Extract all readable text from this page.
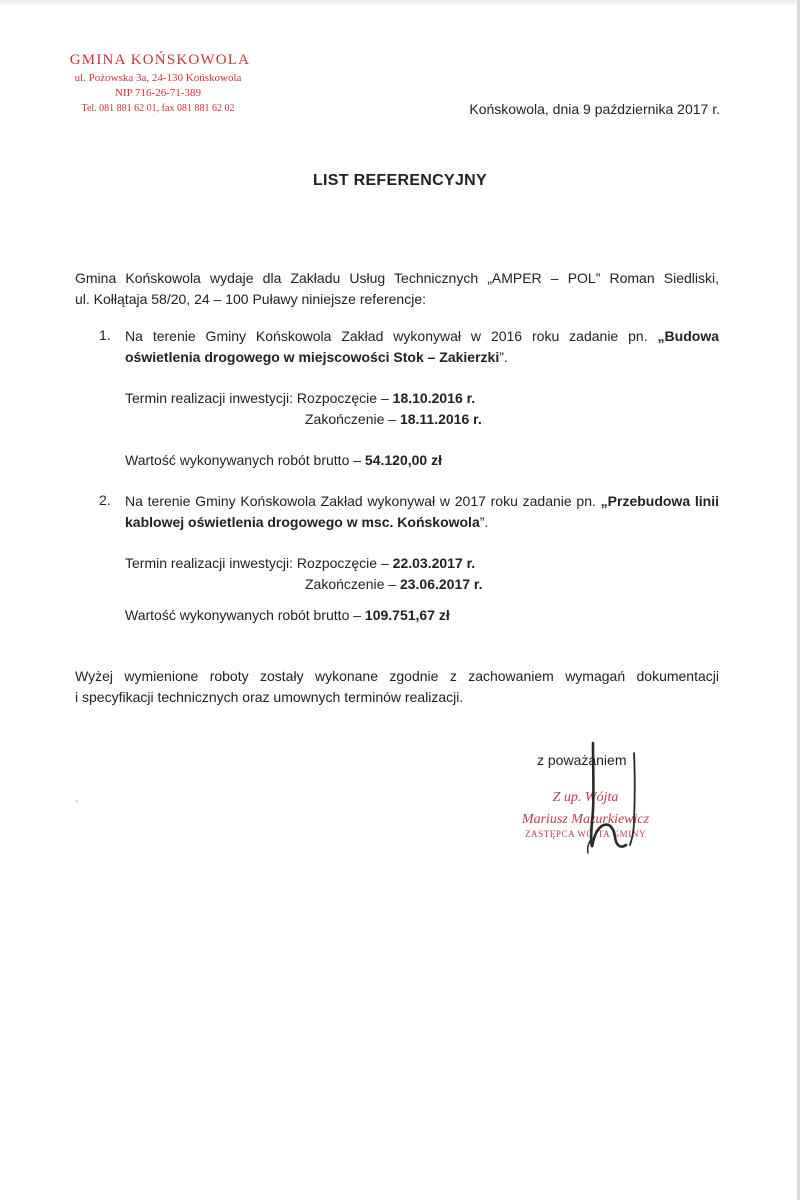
GMINA KOŃSKOWOLA
ul. Pożowska 3a, 24-130 Końskowola
NIP 716-26-71-389
Tel. 081 881 62 01, fax 081 881 62 02	Końskowola, dnia 9 października 2017 r.
LIST REFERENCYJNY
Gmina Końskowola wydaje dla Zakładu Usług Technicznych „AMPER – POL” Roman Siedliski,
ul. Kołłątaja 58/20, 24 – 100 Puławy niniejsze referencje:
1. Na terenie Gminy Końskowola Zakład wykonywał w 2016 roku zadanie pn. „Budowa
oświetlenia drogowego w miejscowości Stok – Zakierzki”.
Termin realizacji inwestycji: Rozpoczęcie – 18.10.2016 r.
Zakończenie – 18.11.2016 r.
Wartość wykonywanych robót brutto – 54.120,00 zł
2. Na terenie Gminy Końskowola Zakład wykonywał w 2017 roku zadanie pn. „Przebudowa linii
kablowej oświetlenia drogowego w msc. Końskowola”.
Termin realizacji inwestycji: Rozpoczęcie – 22.03.2017 r.
Zakończenie – 23.06.2017 r.
Wartość wykonywanych robót brutto – 109.751,67 zł
Wyżej wymienione roboty zostały wykonane zgodnie z zachowaniem wymagań dokumentacji
i specyfikacji technicznych oraz umownych terminów realizacji.
z poważaniem
Z up. Wójta
Mariusz Mazurkiewicz
ZASTĘPCA WÓJTA GMINY
